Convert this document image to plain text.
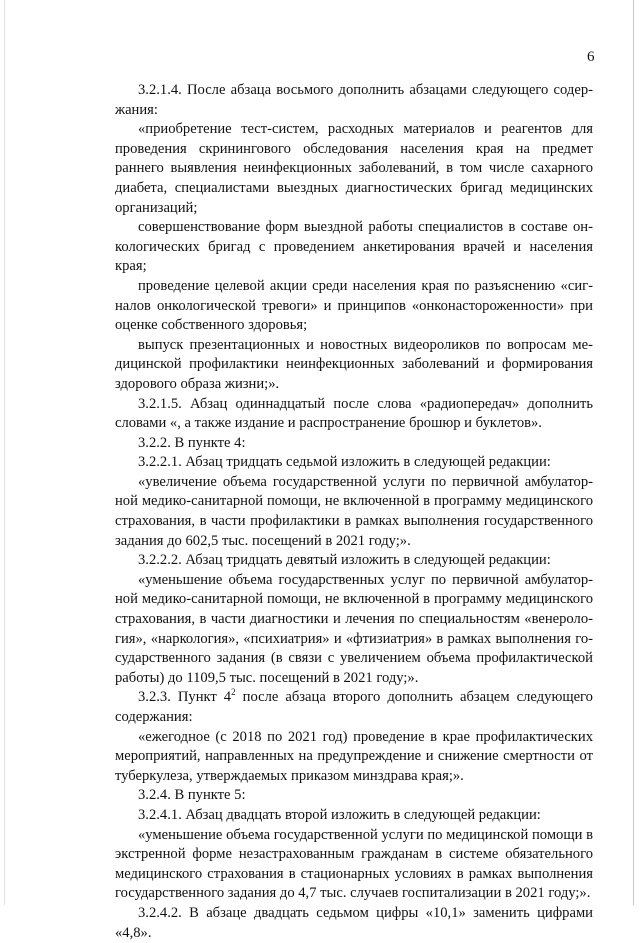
6

3.2.1.4. После абзаца восьмого дополнить абзацами следующего содержания:

«приобретение тест-систем, расходных материалов и реагентов для проведения скринингового обследования населения края на предмет раннего выявления неинфекционных заболеваний, в том числе сахарного диабета, специалистами выездных диагностических бригад медицинских организаций;

совершенствование форм выездной работы специалистов в составе онкологических бригад с проведением анкетирования врачей и населения края;

проведение целевой акции среди населения края по разъяснению «сигналов онкологической тревоги» и принципов «онконастороженности» при оценке собственного здоровья;

выпуск презентационных и новостных видеороликов по вопросам медицинской профилактики неинфекционных заболеваний и формирования здорового образа жизни;».

3.2.1.5. Абзац одиннадцатый после слова «радиопередач» дополнить словами «, а также издание и распространение брошюр и буклетов».

3.2.2. В пункте 4:

3.2.2.1. Абзац тридцать седьмой изложить в следующей редакции:

«увеличение объема государственной услуги по первичной амбулаторной медико-санитарной помощи, не включенной в программу медицинского страхования, в части профилактики в рамках выполнения государственного задания до 602,5 тыс. посещений в 2021 году;».

3.2.2.2. Абзац тридцать девятый изложить в следующей редакции:

«уменьшение объема государственных услуг по первичной амбулаторной медико-санитарной помощи, не включенной в программу медицинского страхования, в части диагностики и лечения по специальностям «венерология», «наркология», «психиатрия» и «фтизиатрия» в рамках выполнения государственного задания (в связи с увеличением объема профилактической работы) до 1109,5 тыс. посещений в 2021 году;».

3.2.3. Пункт $4^2$ после абзаца второго дополнить абзацем следующего содержания:

«ежегодное (с 2018 по 2021 год) проведение в крае профилактических мероприятий, направленных на предупреждение и снижение смертности от туберкулеза, утверждаемых приказом минздрава края;».

3.2.4. В пункте 5:

3.2.4.1. Абзац двадцать второй изложить в следующей редакции:

«уменьшение объема государственной услуги по медицинской помощи в экстренной форме незастрахованным гражданам в системе обязательного медицинского страхования в стационарных условиях в рамках выполнения государственного задания до 4,7 тыс. случаев госпитализации в 2021 году;».

3.2.4.2. В абзаце двадцать седьмом цифры «10,1» заменить цифрами «4,8».
